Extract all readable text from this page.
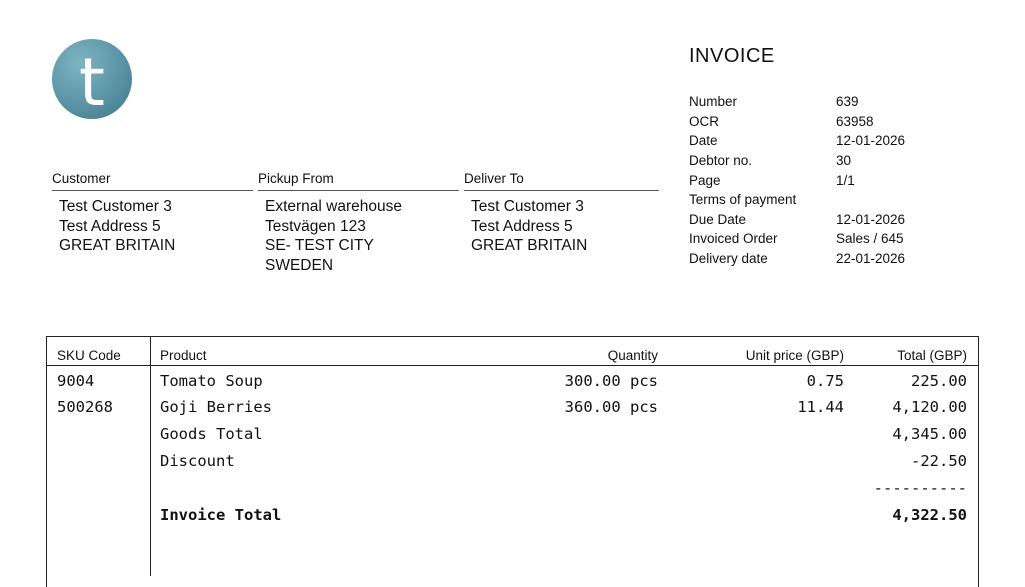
t	INVOICE
Number	639
OCR	63958
Date	12-01-2026
Debtor no.	30
Page	1/1
Terms of payment
Due Date	12-01-2026
Invoiced Order	Sales / 645
Delivery date	22-01-2026
Customer
Test Customer 3
Test Address 5
GREAT BRITAIN
Pickup From
External warehouse
Testvägen 123
SE- TEST CITY
SWEDEN
Deliver To
Test Customer 3
Test Address 5
GREAT BRITAIN
SKU Code	Product	Quantity	Unit price (GBP)	Total (GBP)
9004	Tomato Soup	300.00 pcs	0.75	225.00
500268	Goji Berries	360.00 pcs	11.44	4,120.00
Goods Total	4,345.00
Discount	-22.50
----------
Invoice Total	4,322.50
